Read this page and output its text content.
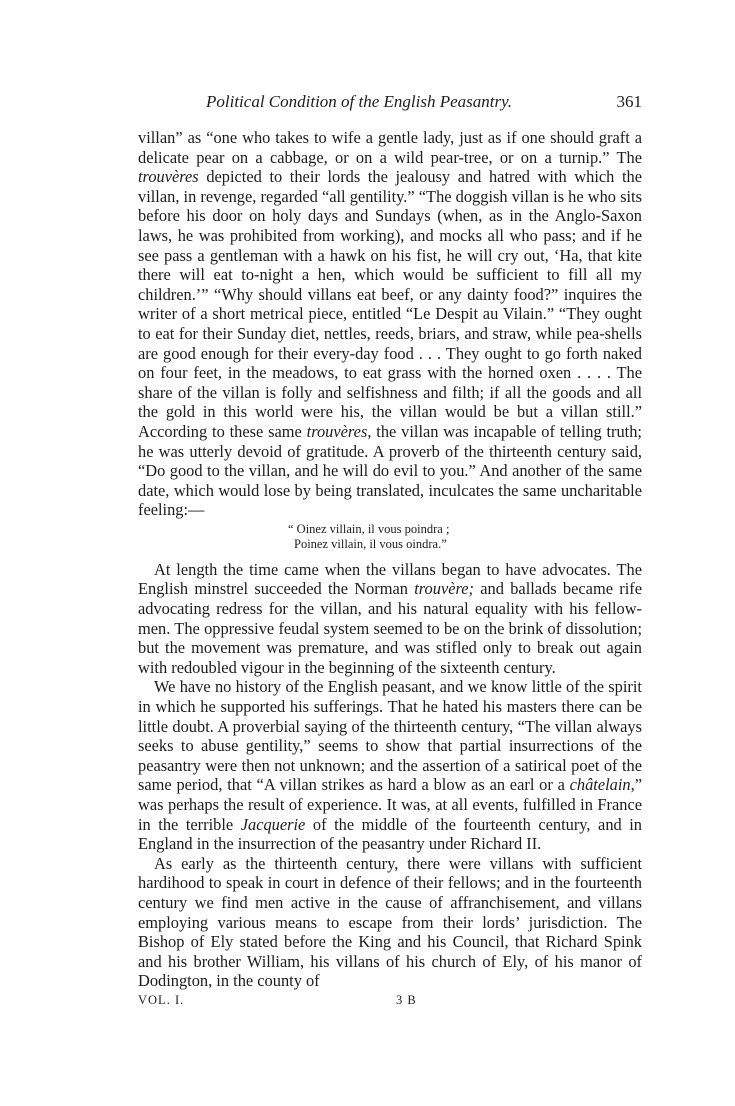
Political Condition of the English Peasantry.	361

villan” as “one who takes to wife a gentle lady, just as if one should graft a delicate pear on a cabbage, or on a wild pear-tree, or on a turnip.” The trouvères depicted to their lords the jealousy and hatred with which the villan, in revenge, regarded “all gentility.” “The doggish villan is he who sits before his door on holy days and Sundays (when, as in the Anglo-Saxon laws, he was prohibited from working), and mocks all who pass; and if he see pass a gentleman with a hawk on his fist, he will cry out, ‘Ha, that kite there will eat to-night a hen, which would be sufficient to fill all my children.’” “Why should villans eat beef, or any dainty food?” inquires the writer of a short metrical piece, entitled “Le Despit au Vilain.” “They ought to eat for their Sunday diet, nettles, reeds, briars, and straw, while pea-shells are good enough for their every-day food . . . They ought to go forth naked on four feet, in the meadows, to eat grass with the horned oxen . . . . The share of the villan is folly and selfishness and filth; if all the goods and all the gold in this world were his, the villan would be but a villan still.” According to these same trouvères, the villan was incapable of telling truth; he was utterly devoid of gratitude. A proverb of the thirteenth century said, “Do good to the villan, and he will do evil to you.” And another of the same date, which would lose by being translated, inculcates the same uncharitable feeling:—

“ Oinez villain, il vous poindra ;
Poinez villain, il vous oindra.”

At length the time came when the villans began to have advocates. The English minstrel succeeded the Norman trouvère; and ballads became rife advocating redress for the villan, and his natural equality with his fellow-men. The oppressive feudal system seemed to be on the brink of dissolution; but the movement was premature, and was stifled only to break out again with redoubled vigour in the beginning of the sixteenth century.

We have no history of the English peasant, and we know little of the spirit in which he supported his sufferings. That he hated his masters there can be little doubt. A proverbial saying of the thirteenth century, “The villan always seeks to abuse gentility,” seems to show that partial insurrections of the peasantry were then not unknown; and the assertion of a satirical poet of the same period, that “A villan strikes as hard a blow as an earl or a châtelain,” was perhaps the result of experience. It was, at all events, fulfilled in France in the terrible Jacquerie of the middle of the fourteenth century, and in England in the insurrection of the peasantry under Richard II.

As early as the thirteenth century, there were villans with sufficient hardihood to speak in court in defence of their fellows; and in the fourteenth century we find men active in the cause of affranchisement, and villans employing various means to escape from their lords’ jurisdiction. The Bishop of Ely stated before the King and his Council, that Richard Spink and his brother William, his villans of his church of Ely, of his manor of Dodington, in the county of

VOL. I.	3 B
